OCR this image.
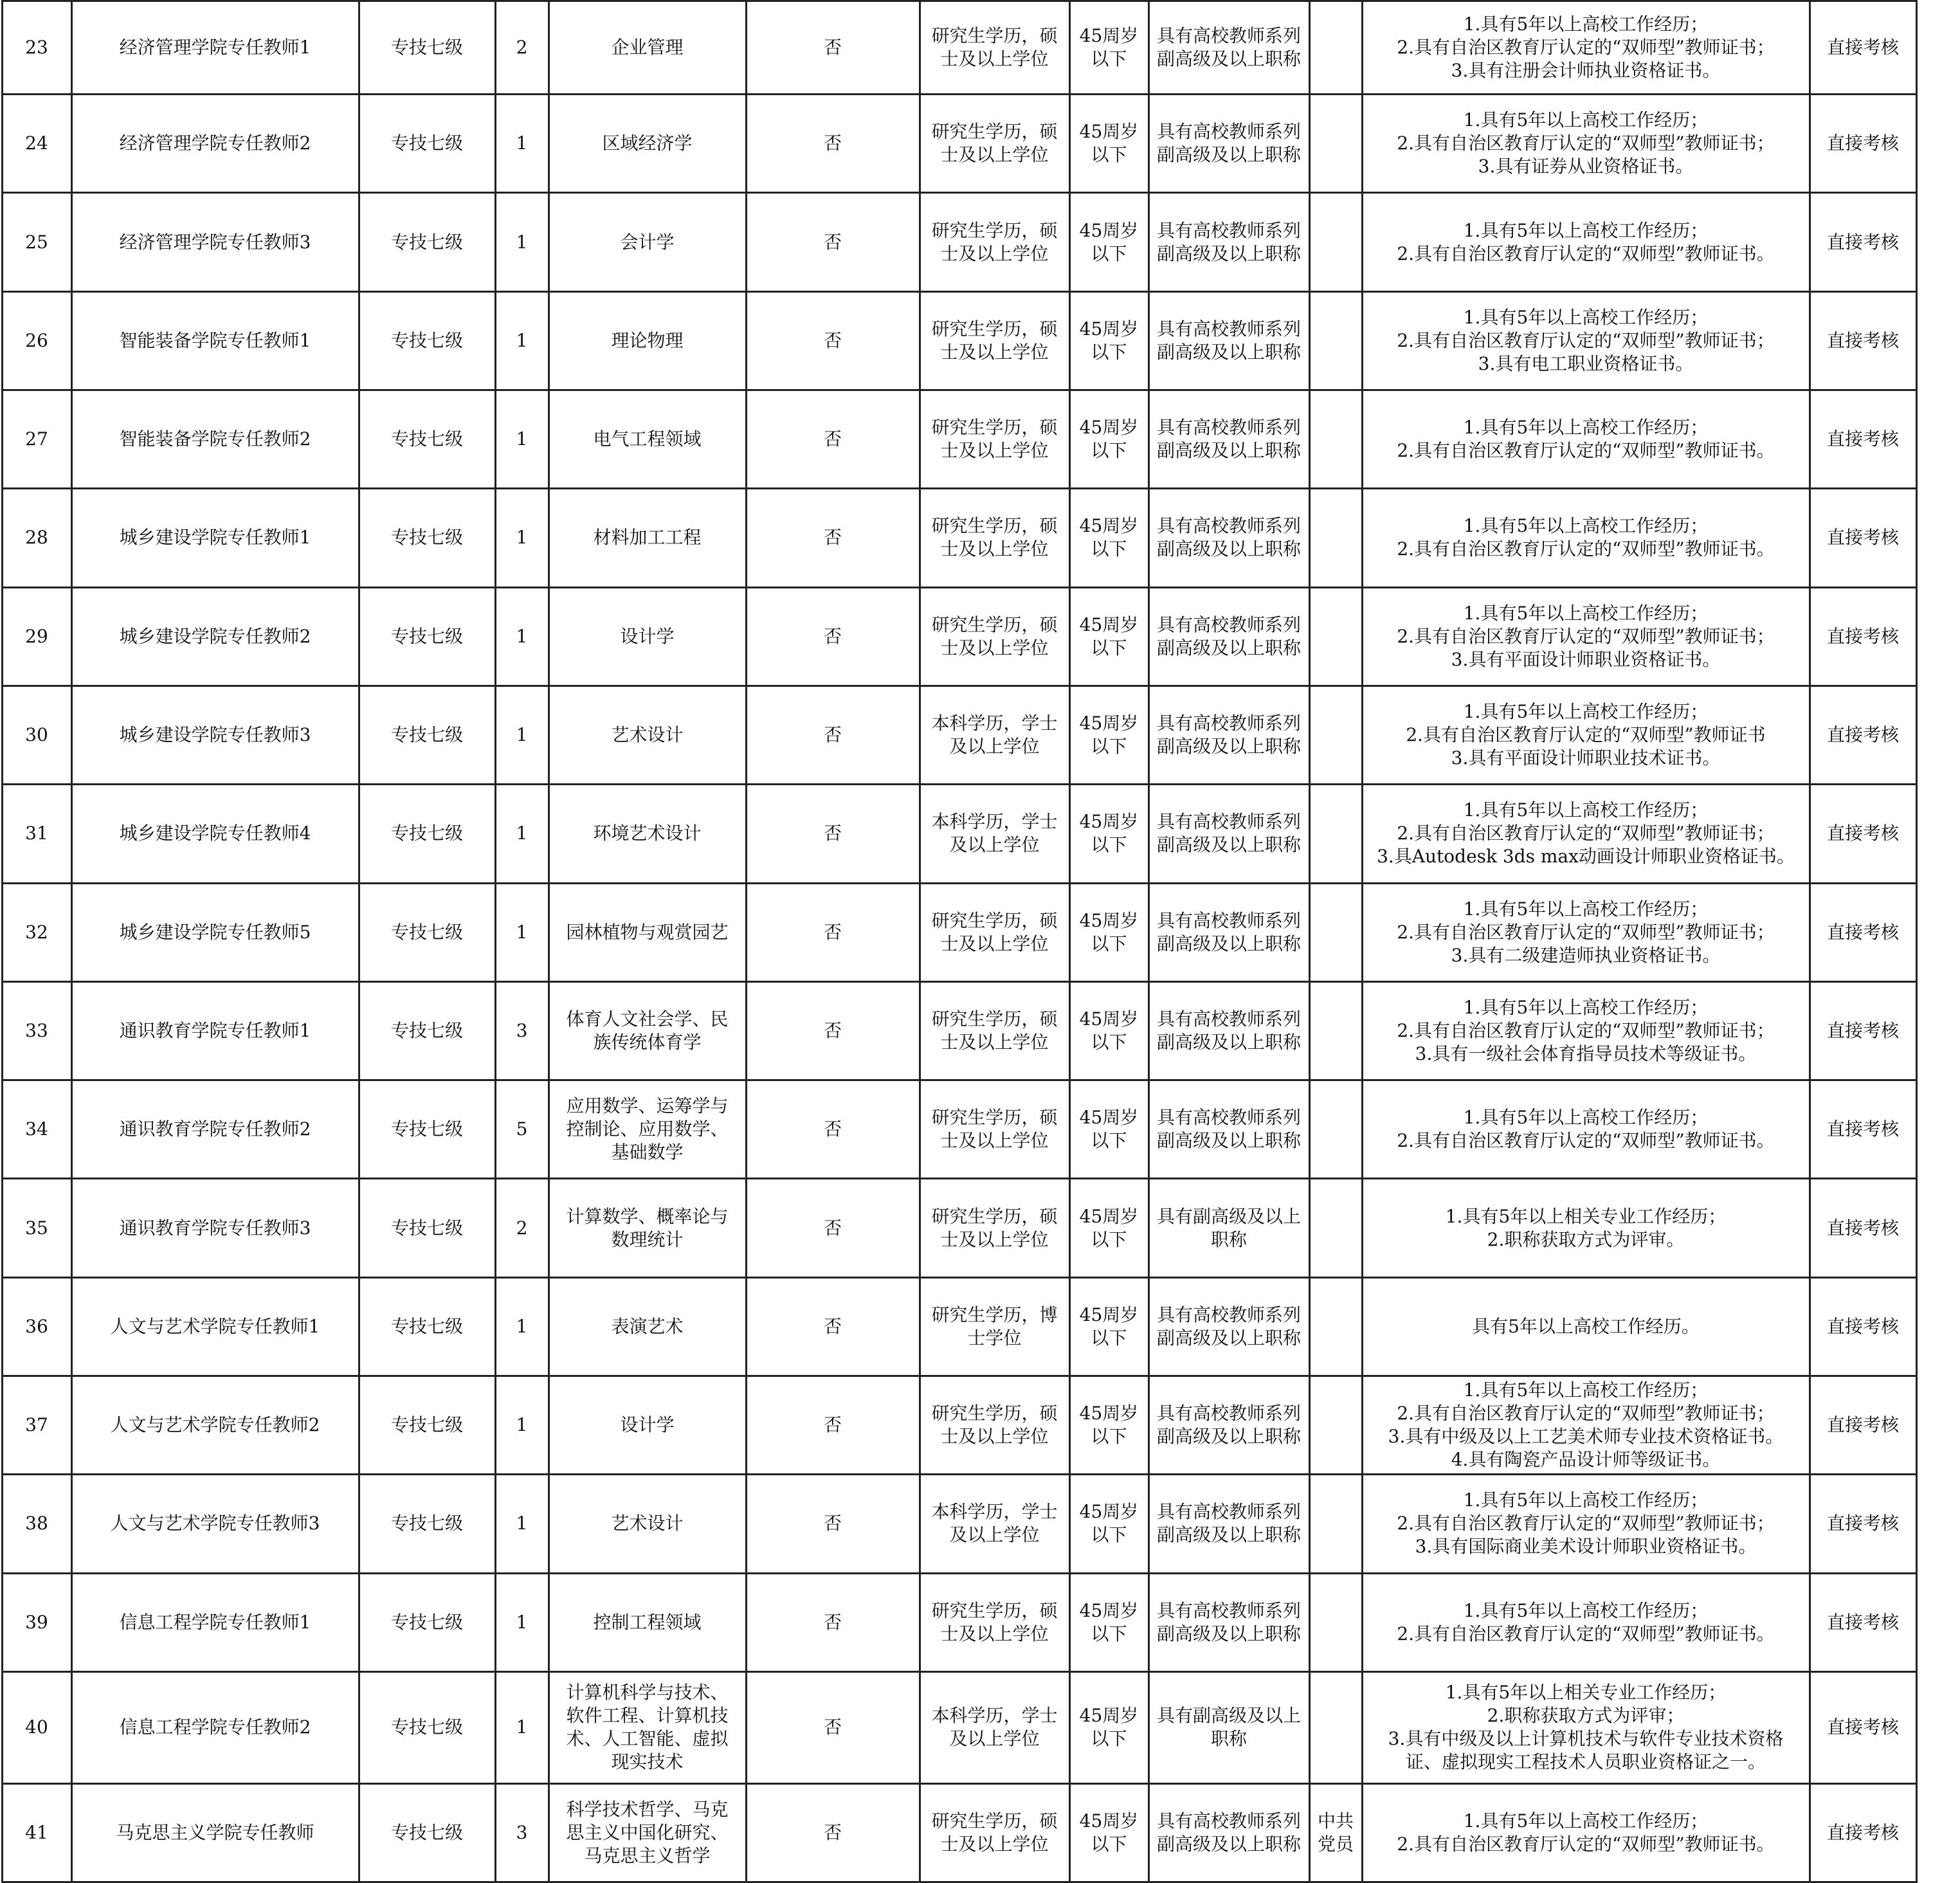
	23	经济管理学院专任教师1	专技七级	2	企业管理	否	研究生学历，硕
士及以上学位	45周岁
以下	具有高校教师系列
副高级及以上职称		1.具有5年以上高校工作经历；
2.具有自治区教育厅认定的“双师型”教师证书；
3.具有注册会计师执业资格证书。	直接考核	
	24	经济管理学院专任教师2	专技七级	1	区域经济学	否	研究生学历，硕
士及以上学位	45周岁
以下	具有高校教师系列
副高级及以上职称		1.具有5年以上高校工作经历；
2.具有自治区教育厅认定的“双师型”教师证书；
3.具有证券从业资格证书。	直接考核	
	25	经济管理学院专任教师3	专技七级	1	会计学	否	研究生学历，硕
士及以上学位	45周岁
以下	具有高校教师系列
副高级及以上职称		1.具有5年以上高校工作经历；
2.具有自治区教育厅认定的“双师型”教师证书。	直接考核	
	26	智能装备学院专任教师1	专技七级	1	理论物理	否	研究生学历，硕
士及以上学位	45周岁
以下	具有高校教师系列
副高级及以上职称		1.具有5年以上高校工作经历；
2.具有自治区教育厅认定的“双师型”教师证书；
3.具有电工职业资格证书。	直接考核	
	27	智能装备学院专任教师2	专技七级	1	电气工程领域	否	研究生学历，硕
士及以上学位	45周岁
以下	具有高校教师系列
副高级及以上职称		1.具有5年以上高校工作经历；
2.具有自治区教育厅认定的“双师型”教师证书。	直接考核	
	28	城乡建设学院专任教师1	专技七级	1	材料加工工程	否	研究生学历，硕
士及以上学位	45周岁
以下	具有高校教师系列
副高级及以上职称		1.具有5年以上高校工作经历；
2.具有自治区教育厅认定的“双师型”教师证书。	直接考核	
	29	城乡建设学院专任教师2	专技七级	1	设计学	否	研究生学历，硕
士及以上学位	45周岁
以下	具有高校教师系列
副高级及以上职称		1.具有5年以上高校工作经历；
2.具有自治区教育厅认定的“双师型”教师证书；
3.具有平面设计师职业资格证书。	直接考核	
	30	城乡建设学院专任教师3	专技七级	1	艺术设计	否	本科学历，学士
及以上学位	45周岁
以下	具有高校教师系列
副高级及以上职称		1.具有5年以上高校工作经历；
2.具有自治区教育厅认定的“双师型”教师证书
3.具有平面设计师职业技术证书。	直接考核	
	31	城乡建设学院专任教师4	专技七级	1	环境艺术设计	否	本科学历，学士
及以上学位	45周岁
以下	具有高校教师系列
副高级及以上职称		1.具有5年以上高校工作经历；
2.具有自治区教育厅认定的“双师型”教师证书；
3.具Autodesk 3ds max动画设计师职业资格证书。	直接考核	
	32	城乡建设学院专任教师5	专技七级	1	园林植物与观赏园艺	否	研究生学历，硕
士及以上学位	45周岁
以下	具有高校教师系列
副高级及以上职称		1.具有5年以上高校工作经历；
2.具有自治区教育厅认定的“双师型”教师证书；
3.具有二级建造师执业资格证书。	直接考核	
	33	通识教育学院专任教师1	专技七级	3	体育人文社会学、民
族传统体育学	否	研究生学历，硕
士及以上学位	45周岁
以下	具有高校教师系列
副高级及以上职称		1.具有5年以上高校工作经历；
2.具有自治区教育厅认定的“双师型”教师证书；
3.具有一级社会体育指导员技术等级证书。	直接考核	
	34	通识教育学院专任教师2	专技七级	5	应用数学、运筹学与
控制论、应用数学、
基础数学	否	研究生学历，硕
士及以上学位	45周岁
以下	具有高校教师系列
副高级及以上职称		1.具有5年以上高校工作经历；
2.具有自治区教育厅认定的“双师型”教师证书。	直接考核	
	35	通识教育学院专任教师3	专技七级	2	计算数学、概率论与
数理统计	否	研究生学历，硕
士及以上学位	45周岁
以下	具有副高级及以上
职称		1.具有5年以上相关专业工作经历；
2.职称获取方式为评审。	直接考核	
	36	人文与艺术学院专任教师1	专技七级	1	表演艺术	否	研究生学历，博
士学位	45周岁
以下	具有高校教师系列
副高级及以上职称		具有5年以上高校工作经历。	直接考核	
	37	人文与艺术学院专任教师2	专技七级	1	设计学	否	研究生学历，硕
士及以上学位	45周岁
以下	具有高校教师系列
副高级及以上职称		1.具有5年以上高校工作经历；
2.具有自治区教育厅认定的“双师型”教师证书；
3.具有中级及以上工艺美术师专业技术资格证书。
4.具有陶瓷产品设计师等级证书。	直接考核	
	38	人文与艺术学院专任教师3	专技七级	1	艺术设计	否	本科学历，学士
及以上学位	45周岁
以下	具有高校教师系列
副高级及以上职称		1.具有5年以上高校工作经历；
2.具有自治区教育厅认定的“双师型”教师证书；
3.具有国际商业美术设计师职业资格证书。	直接考核	
	39	信息工程学院专任教师1	专技七级	1	控制工程领域	否	研究生学历，硕
士及以上学位	45周岁
以下	具有高校教师系列
副高级及以上职称		1.具有5年以上高校工作经历；
2.具有自治区教育厅认定的“双师型”教师证书。	直接考核	
	40	信息工程学院专任教师2	专技七级	1	计算机科学与技术、
软件工程、计算机技
术、人工智能、虚拟
现实技术	否	本科学历，学士
及以上学位	45周岁
以下	具有副高级及以上
职称		1.具有5年以上相关专业工作经历；
2.职称获取方式为评审；
3.具有中级及以上计算机技术与软件专业技术资格
证、虚拟现实工程技术人员职业资格证之一。	直接考核	
	41	马克思主义学院专任教师	专技七级	3	科学技术哲学、马克
思主义中国化研究、
马克思主义哲学	否	研究生学历，硕
士及以上学位	45周岁
以下	具有高校教师系列
副高级及以上职称	中共
党员	1.具有5年以上高校工作经历；
2.具有自治区教育厅认定的“双师型”教师证书。	直接考核	
